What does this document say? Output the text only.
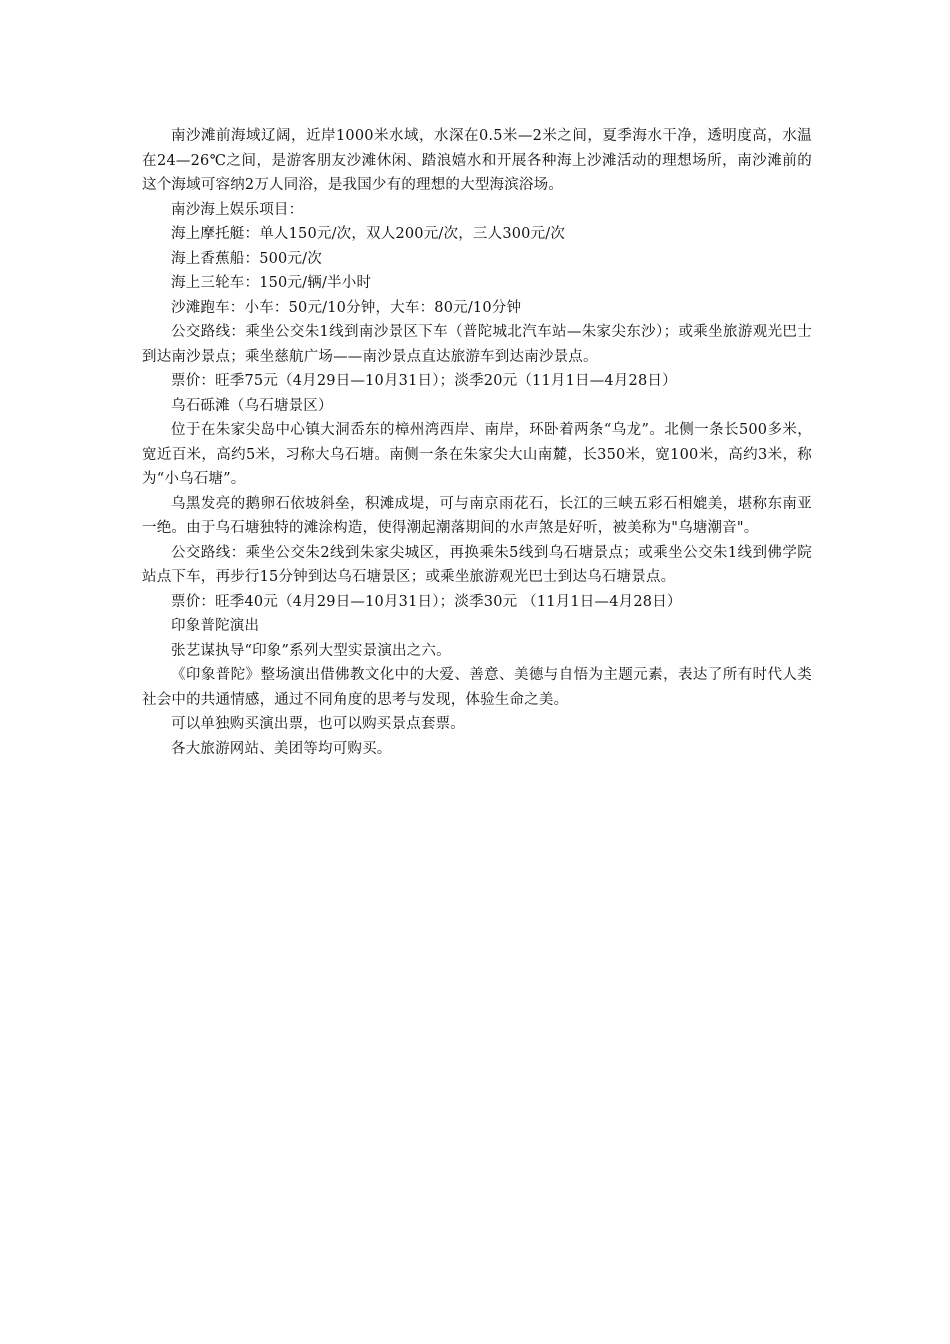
南沙滩前海域辽阔，近岸1000米水域，水深在0.5米—2米之间，夏季海水干净，透明度高，水温在24—26℃之间，是游客朋友沙滩休闲、踏浪嬉水和开展各种海上沙滩活动的理想场所，南沙滩前的这个海域可容纳2万人同浴，是我国少有的理想的大型海滨浴场。

南沙海上娱乐项目：

海上摩托艇：单人150元/次，双人200元/次，三人300元/次

海上香蕉船：500元/次

海上三轮车：150元/辆/半小时

沙滩跑车：小车：50元/10分钟，大车：80元/10分钟

公交路线：乘坐公交朱1线到南沙景区下车（普陀城北汽车站—朱家尖东沙）；或乘坐旅游观光巴士到达南沙景点；乘坐慈航广场——南沙景点直达旅游车到达南沙景点。

票价：旺季75元（4月29日—10月31日）；淡季20元（11月1日—4月28日）

乌石砾滩（乌石塘景区）

位于在朱家尖岛中心镇大洞岙东的樟州湾西岸、南岸，环卧着两条“乌龙”。北侧一条长500多米，宽近百米，高约5米，习称大乌石塘。南侧一条在朱家尖大山南麓，长350米，宽100米，高约3米，称为“小乌石塘”。

乌黑发亮的鹅卵石依坡斜垒，积滩成堤，可与南京雨花石，长江的三峡五彩石相媲美，堪称东南亚一绝。由于乌石塘独特的滩涂构造，使得潮起潮落期间的水声煞是好听，被美称为"乌塘潮音"。

公交路线：乘坐公交朱2线到朱家尖城区，再换乘朱5线到乌石塘景点；或乘坐公交朱1线到佛学院站点下车，再步行15分钟到达乌石塘景区；或乘坐旅游观光巴士到达乌石塘景点。

票价：旺季40元（4月29日—10月31日）；淡季30元 （11月1日—4月28日）

印象普陀演出

张艺谋执导“印象”系列大型实景演出之六。

《印象普陀》整场演出借佛教文化中的大爱、善意、美德与自悟为主题元素，表达了所有时代人类社会中的共通情感，通过不同角度的思考与发现，体验生命之美。

可以单独购买演出票，也可以购买景点套票。

各大旅游网站、美团等均可购买。
